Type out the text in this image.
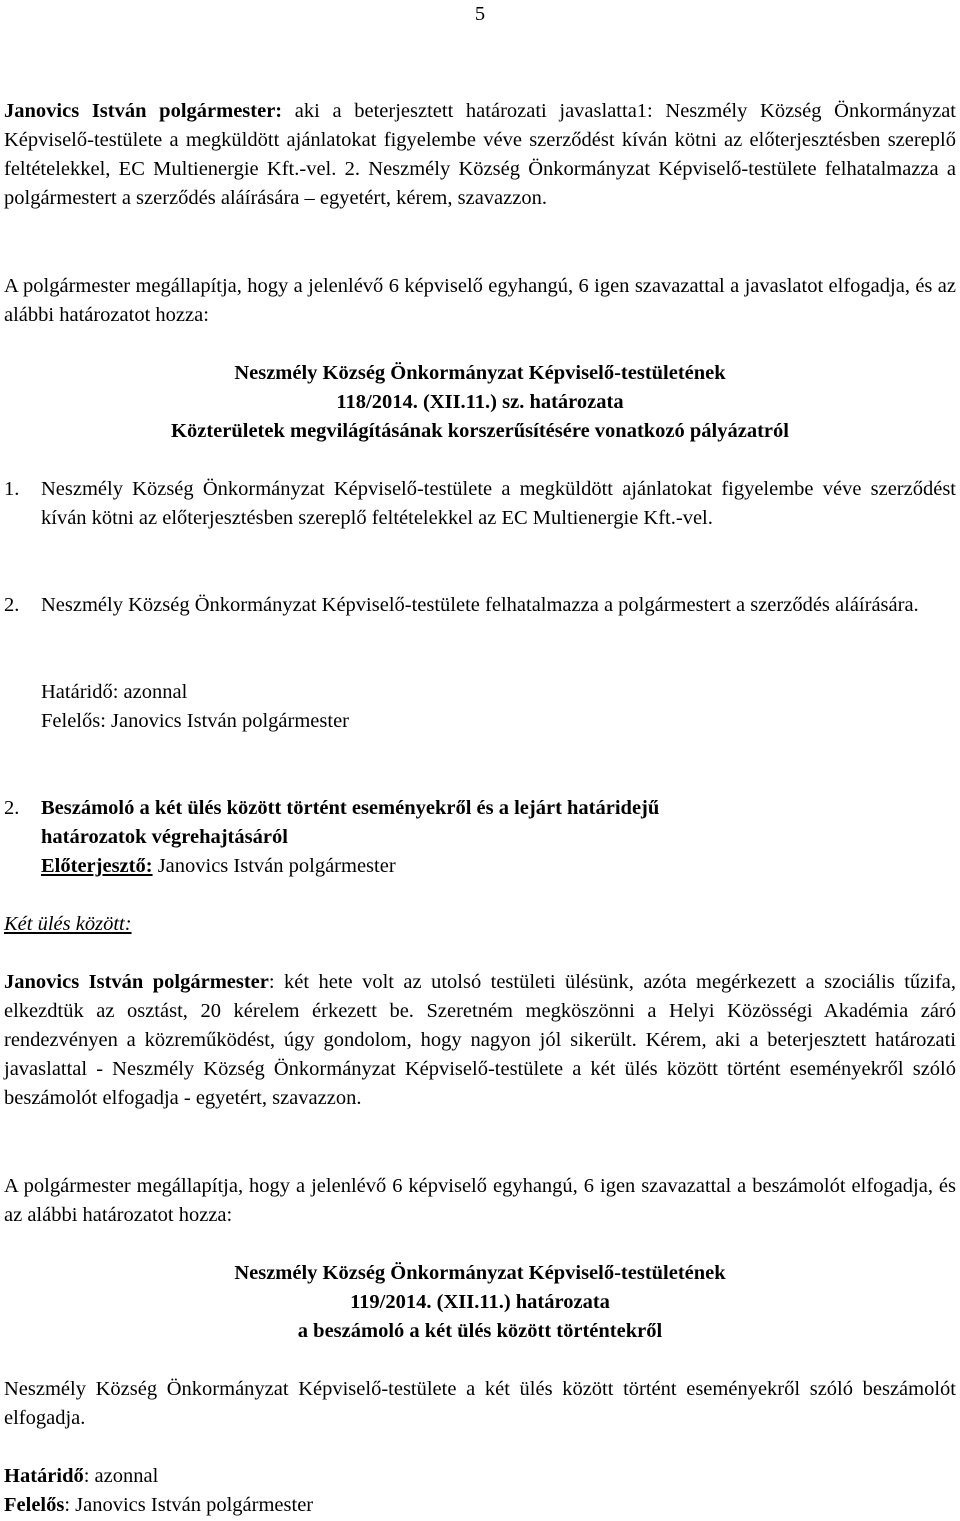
5

Janovics István polgármester: aki a beterjesztett határozati javaslatta1: Neszmély Község Önkormányzat Képviselő-testülete a megküldött ajánlatokat figyelembe véve szerződést kíván kötni az előterjesztésben szereplő feltételekkel, EC Multienergie Kft.-vel. 2. Neszmély Község Önkormányzat Képviselő-testülete felhatalmazza a polgármestert a szerződés aláírására – egyetért, kérem, szavazzon.

A polgármester megállapítja, hogy a jelenlévő 6 képviselő egyhangú, 6 igen szavazattal a javaslatot elfogadja, és az alábbi határozatot hozza:

Neszmély Község Önkormányzat Képviselő-testületének

118/2014. (XII.11.) sz. határozata

Közterületek megvilágításának korszerűsítésére vonatkozó pályázatról

1.	Neszmély Község Önkormányzat Képviselő-testülete a megküldött ajánlatokat figyelembe véve szerződést kíván kötni az előterjesztésben szereplő feltételekkel az EC Multienergie Kft.-vel.
2.	Neszmély Község Önkormányzat Képviselő-testülete felhatalmazza a polgármestert a szerződés aláírására.

Határidő: azonnal

Felelős: Janovics István polgármester

2.	Beszámoló a két ülés között történt eseményekről és a lejárt határidejű

határozatok végrehajtásáról

Előterjesztő: Janovics István polgármester

Két ülés között:

Janovics István polgármester: két hete volt az utolsó testületi ülésünk, azóta megérkezett a szociális tűzifa, elkezdtük az osztást, 20 kérelem érkezett be. Szeretném megköszönni a Helyi Közösségi Akadémia záró rendezvényen a közreműködést, úgy gondolom, hogy nagyon jól sikerült. Kérem, aki a beterjesztett határozati javaslattal - Neszmély Község Önkormányzat Képviselő-testülete a két ülés között történt eseményekről szóló beszámolót elfogadja - egyetért, szavazzon.

A polgármester megállapítja, hogy a jelenlévő 6 képviselő egyhangú, 6 igen szavazattal a beszámolót elfogadja, és az alábbi határozatot hozza:

Neszmély Község Önkormányzat Képviselő-testületének

119/2014. (XII.11.) határozata

a beszámoló a két ülés között történtekről

Neszmély Község Önkormányzat Képviselő-testülete a két ülés között történt eseményekről szóló beszámolót elfogadja.

Határidő: azonnal

Felelős: Janovics István polgármester
